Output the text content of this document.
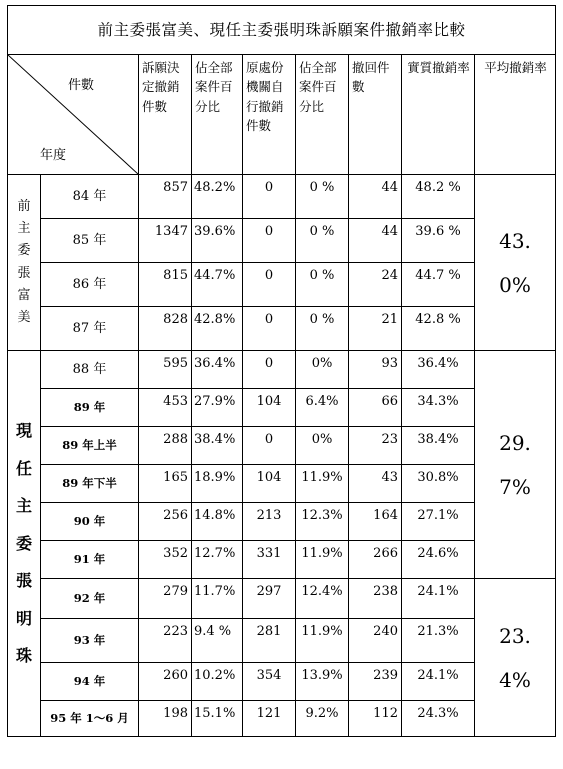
前主委張富美、現任主委張明珠訴願案件撤銷率比較								

件數
年度		訴願決定撤銷件數	佔全部案件百分比	原處份機關自行撤銷件數	佔全部案件百分比	撤回件數	實質撤銷率	平均撤銷率
前主委張富美	84 年	857	48.2%	0	0 %	44	48.2 %	43.0%
	85 年	1347	39.6%	0	0 %	44	39.6 %	
	86 年	815	44.7%	0	0 %	24	44.7 %	
	87 年	828	42.8%	0	0 %	21	42.8 %	
現任主委張明珠	88 年	595	36.4%	0	0%	93	36.4%	29.7%
	89 年	453	27.9%	104	6.4%	66	34.3%	
	89 年上半	288	38.4%	0	0%	23	38.4%	
	89 年下半	165	18.9%	104	11.9%	43	30.8%	
	90 年	256	14.8%	213	12.3%	164	27.1%	
	91 年	352	12.7%	331	11.9%	266	24.6%	
	92 年	279	11.7%	297	12.4%	238	24.1%	23.4%
	93 年	223	9.4 %	281	11.9%	240	21.3%	
	94 年	260	10.2%	354	13.9%	239	24.1%	
	95 年 1～6 月	198	15.1%	121	9.2%	112	24.3%	
